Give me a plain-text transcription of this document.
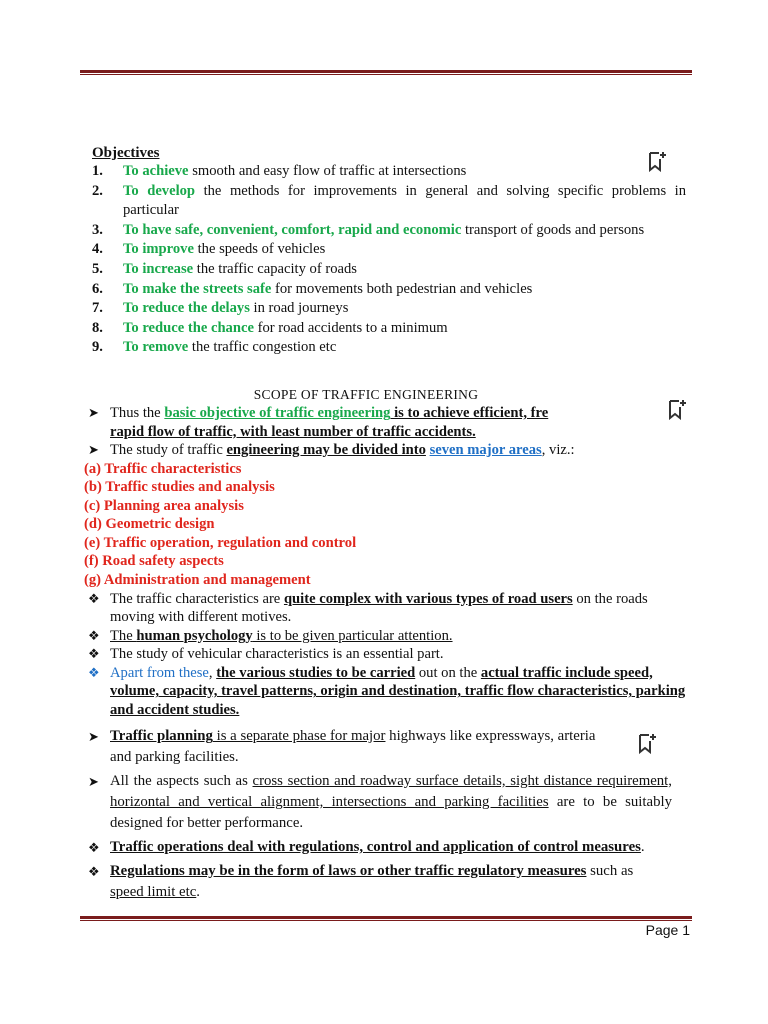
Objectives
1. To achieve smooth and easy flow of traffic at intersections
2. To develop the methods for improvements in general and solving specific problems in particular
3. To have safe, convenient, comfort, rapid and economic transport of goods and persons
4. To improve the speeds of vehicles
5. To increase the traffic capacity of roads
6. To make the streets safe for movements both pedestrian and vehicles
7. To reduce the delays in road journeys
8. To reduce the chance for road accidents to a minimum
9. To remove the traffic congestion etc
SCOPE OF TRAFFIC ENGINEERING
➤ Thus the basic objective of traffic engineering is to achieve efficient, fre
rapid flow of traffic, with least number of traffic accidents.
➤ The study of traffic engineering may be divided into seven major areas, viz.:
(a) Traffic characteristics
(b) Traffic studies and analysis
(c) Planning area analysis
(d) Geometric design
(e) Traffic operation, regulation and control
(f) Road safety aspects
(g) Administration and management
❖ The traffic characteristics are quite complex with various types of road users on the roads moving with different motives.
❖ The human psychology is to be given particular attention.
❖ The study of vehicular characteristics is an essential part.
❖ Apart from these, the various studies to be carried out on the actual traffic include speed, volume, capacity, travel patterns, origin and destination, traffic flow characteristics, parking and accident studies.
➤ Traffic planning is a separate phase for major highways like expressways, arteria
and parking facilities.
➤ All the aspects such as cross section and roadway surface details, sight distance requirement, horizontal and vertical alignment, intersections and parking facilities are to be suitably designed for better performance.
❖ Traffic operations deal with regulations, control and application of control measures.
❖ Regulations may be in the form of laws or other traffic regulatory measures such as
speed limit etc.
Page 1
